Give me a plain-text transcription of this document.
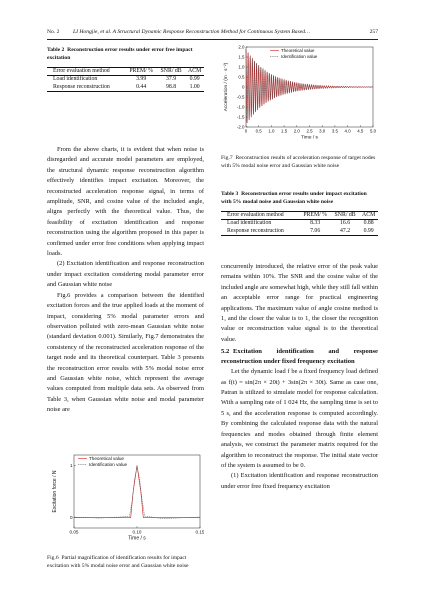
No. 2 LI Hongjie, et al. A Structural Dynamic Response Reconstruction Method for Continuous System Based…	257
Table 2 Reconstruction error results under error free impact excitation
Error evaluation method	PREM/ %	SNR/ dB	ACM

Load identification	3.99	37.9	0.99
Response reconstruction	0.44	98.8	1.00

From the above charts, it is evident that when noise is disregarded and accurate model parameters are employed, the structural dynamic response reconstruction algorithm effectively identifies impact excitation. Moreover, the reconstructed acceleration response signal, in terms of amplitude, SNR, and cosine value of the included angle, aligns perfectly with the theoretical value. Thus, the feasibility of excitation identification and response reconstruction using the algorithm proposed in this paper is confirmed under error free conditions when applying impact loads.

(2) Excitation identification and response reconstruction under impact excitation considering modal parameter error and Gaussian white noise

Fig.6 provides a comparison between the identified excitation forces and the true applied loads at the moment of impact, considering 5% modal parameter errors and observation polluted with zero-mean Gaussian white noise (standard deviation 0.001). Similarly, Fig.7 demonstrates the consistency of the reconstructed acceleration response of the target node and its theoretical counterpart. Table 3 presents the reconstruction error results with 5% modal noise error and Gaussian white noise, which represent the average values computed from multiple data sets. As observed from Table 3, when Gaussian white noise and modal parameter noise are

0.05	0.10	0.15
0
1
Time / s
Excitation force / N
Theoretical value
Identification value
Fig.6 Partial magnification of identification results for impact excitation with 5% modal noise error and Gaussian white noise
0 0.5 1.0 1.5 2.0 2.5 3.0 3.5 4.0 4.5 5.0
-2.0
-1.5
-1.0
-0.5
0
0.5
1.0
1.5
2.0
Time / s
Acceleration / (m · s⁻²)
Theoretical value
Identification value
Fig.7 Reconstruction results of acceleration response of target nodes with 5% modal noise error and Gaussian white noise
Table 3 Reconstruction error results under impact excitation with 5% modal noise and Gaussian white noise
Error evaluation method	PREM/ %	SNR/ dB	ACM

Load identification	8.33	16.6	0.88
Response reconstruction	7.06	47.2	0.99

concurrently introduced, the relative error of the peak value remains within 10%. The SNR and the cosine value of the included angle are somewhat high, while they still fall within an acceptable error range for practical engineering applications. The maximum value of angle cosine method is 1, and the closer the value is to 1, the closer the recognition value or reconstruction value signal is to the theoretical value.

5.2 Excitation identification and response reconstruction under fixed frequency excitation

Let the dynamic load f be a fixed frequency load defined as f(t) = sin(2π × 20t) + 3sin(2π × 30t). Same as case one, Patran is utilized to simulate model for response calculation. With a sampling rate of 1 024 Hz, the sampling time is set to 5 s, and the acceleration response is computed accordingly. By combining the calculated response data with the natural frequencies and modes obtained through finite element analysis, we construct the parameter matrix required for the algorithm to reconstruct the response. The initial state vector of the system is assumed to be 0.

(1) Excitation identification and response reconstruction under error free fixed frequency excitation
